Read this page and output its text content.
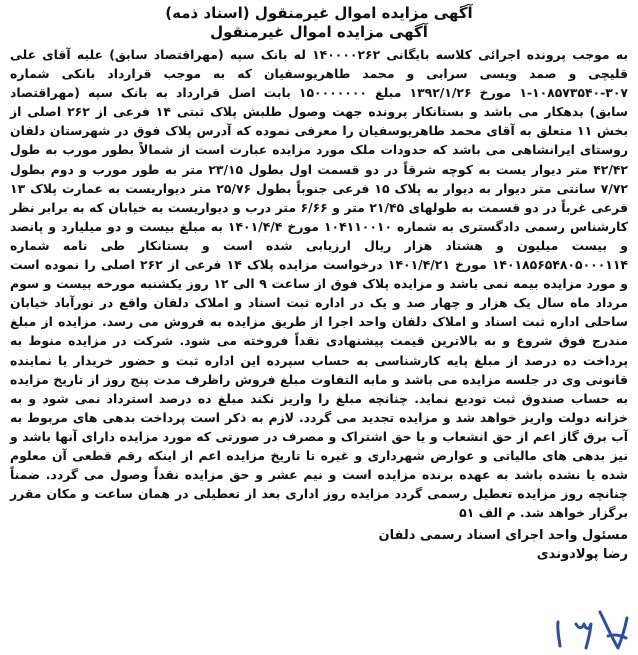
آگهی مزایده اموال غیرمنقول (اسناد ذمه)

آگهی مزایده اموال غیرمنقول

به موجب پرونده اجرائی کلاسه بایگانی ۱۴۰۰۰۰۲۶۲ له بانک سپه (مهراقتصاد سابق) علیه آقای علی قلیچی و صمد ویسی سرابی و محمد طاهریوسفیان که به موجب قرارداد بانکی شماره ۳۰۷-۱۰۸۵۷۳۵۴۰-۱ مورخ ۱۳۹۲/۱/۲۶ مبلغ ۱۵۰۰۰۰۰۰۰ بابت اصل قرارداد به بانک سپه (مهراقتصاد سابق) بدهکار می باشد و بستانکار پرونده جهت وصول طلبش پلاک ثبتی ۱۴ فرعی از ۲۶۲ اصلی از بخش ۱۱ متعلق به آقای محمد طاهریوسفیان را معرفی نموده که آدرس پلاک فوق در شهرستان دلفان روستای ایرانشاهی می باشد که حدودات ملک مورد مزایده عبارت است از شمالاً بطور مورب به طول ۴۲/۴۲ متر دیوار یست به کوچه شرقاً در دو قسمت اول بطول ۲۳/۱۵ متر به طور مورب و دوم بطول ۷/۷۲ سانتی متر دیوار به دیوار به پلاک ۱۵ فرعی جنوباً بطول ۲۵/۷۶ متر دیواریست به عمارت پلاک ۱۳ فرعی غرباً در دو قسمت به طولهای ۲۱/۴۵ متر و ۶/۶۶ متر درب و دیواریست به خیابان که به برابر نظر کارشناس رسمی دادگستری به شماره ۱۰۴۱۱۰۰۱۰ مورخ ۱۴۰۱/۴/۴ به مبلغ بیست و دو میلیارد و پانصد و بیست میلیون و هشتاد هزار ریال ارزیابی شده است و بستانکار طی نامه شماره ۱۴۰۱۸۵۶۵۴۸۰۵۰۰۰۱۱۴ مورخ ۱۴۰۱/۴/۲۱ درخواست مزایده پلاک ۱۴ فرعی از ۲۶۲ اصلی را نموده است و مورد مزایده بیمه نمی باشد و مزایده پلاک فوق از ساعت ۹ الی ۱۲ روز یکشنبه مورخه بیست و سوم مرداد ماه سال یک هزار و چهار صد و یک در اداره ثبت اسناد و املاک دلفان واقع در نورآباد خیابان ساحلی اداره ثبت اسناد و املاک دلفان واحد اجرا از طریق مزایده به فروش می رسد. مزایده از مبلغ مندرج فوق شروع و به بالاترین قیمت پیشنهادی نقداً فروخته می شود. شرکت در مزایده منوط به پرداخت ده درصد از مبلغ پایه کارشناسی به حساب سپرده این اداره ثبت و حضور خریدار یا نماینده قانونی وی در جلسه مزایده می باشد و مابه التفاوت مبلغ فروش راظرف مدت پنج روز از تاریخ مزایده به حساب صندوق ثبت تودیع نماید. چنانچه مبلغ را واریز نکند مبلغ ده درصد استرداد نمی شود و به خزانه دولت واریز خواهد شد و مزایده تجدید می گردد. لازم به ذکر است پرداخت بدهی های مربوط به آب برق گاز اعم از حق انشعاب و یا حق اشتراک و مصرف در صورتی که مورد مزایده دارای آنها باشد و نیز بدهی های مالیاتی و عوارض شهرداری و غیره تا تاریخ مزایده اعم از اینکه رقم قطعی آن معلوم شده یا نشده باشد به عهده برنده مزایده است و نیم عشر و حق مزایده نقداً وصول می گردد. ضمناً چنانچه روز مزایده تعطیل رسمی گردد مزایده روز اداری بعد از تعطیلی در همان ساعت و مکان مقرر برگزار خواهد شد. م الف ۵۱

مسئول واحد اجرای اسناد رسمی دلفان
رضا پولادوندی
